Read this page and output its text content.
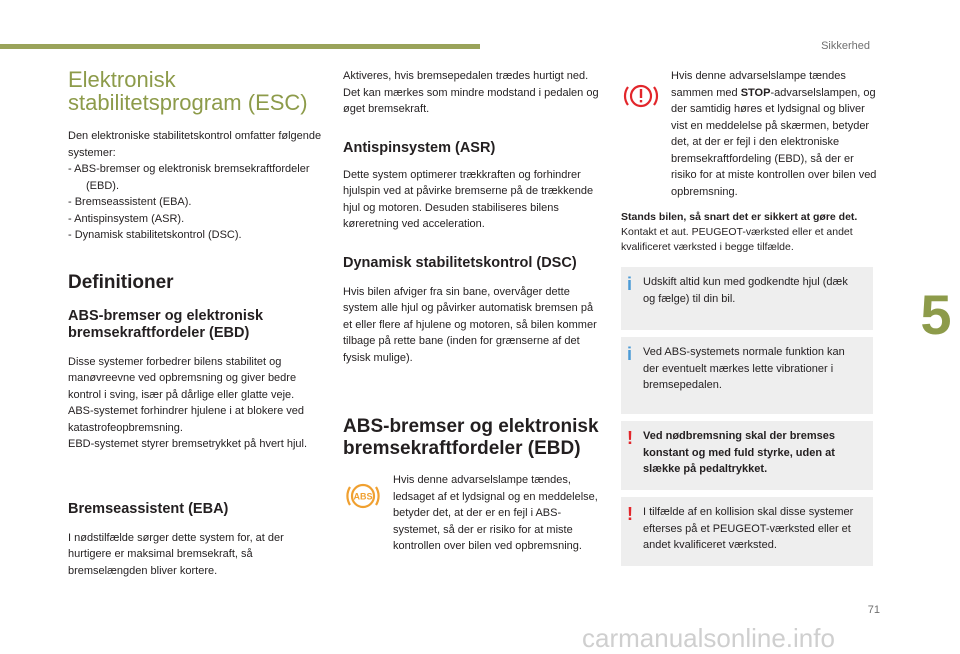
Sikkerhed
5
Elektronisk stabilitetsprogram (ESC)

Den elektroniske stabilitetskontrol omfatter følgende systemer:

- ABS-bremser og elektronisk bremsekraftfordeler (EBD).
- Bremseassistent (EBA).
- Antispinsystem (ASR).
- Dynamisk stabilitetskontrol (DSC).
Definitioner
ABS-bremser og elektronisk bremsekraftfordeler (EBD)

Disse systemer forbedrer bilens stabilitet og manøvreevne ved opbremsning og giver bedre kontrol i sving, især på dårlige eller glatte veje.

ABS-systemet forhindrer hjulene i at blokere ved katastrofeopbremsning.

EBD-systemet styrer bremsetrykket på hvert hjul.

Bremseassistent (EBA)

I nødstilfælde sørger dette system for, at der hurtigere er maksimal bremsekraft, så bremselængden bliver kortere.

Aktiveres, hvis bremsepedalen trædes hurtigt ned. Det kan mærkes som mindre modstand i pedalen og øget bremsekraft.

Antispinsystem (ASR)

Dette system optimerer trækkraften og forhindrer hjulspin ved at påvirke bremserne på de trækkende hjul og motoren. Desuden stabiliseres bilens køreretning ved acceleration.

Dynamisk stabilitetskontrol (DSC)

Hvis bilen afviger fra sin bane, overvåger dette system alle hjul og påvirker automatisk bremsen på et eller flere af hjulene og motoren, så bilen kommer tilbage på rette bane (inden for grænserne af det fysisk mulige).

ABS-bremser og elektronisk bremsekraftfordeler (EBD)
ABS

Hvis denne advarselslampe tændes, ledsaget af et lydsignal og en meddelelse, betyder det, at der er en fejl i ABS-systemet, så der er risiko for at miste kontrollen over bilen ved opbremsning.

Hvis denne advarselslampe tændes sammen med STOP-advarselslampen, og der samtidig høres et lydsignal og bliver vist en meddelelse på skærmen, betyder det, at der er fejl i den elektroniske bremsekraftfordeling (EBD), så der er risiko for at miste kontrollen over bilen ved opbremsning.

Stands bilen, så snart det er sikkert at gøre det.

Kontakt et aut. PEUGEOT-værksted eller et andet kvalificeret værksted i begge tilfælde.

i Udskift altid kun med godkendte hjul (dæk og fælge) til din bil.

i Ved ABS-systemets normale funktion kan der eventuelt mærkes lette vibrationer i bremsepedalen.

! Ved nødbremsning skal der bremses konstant og med fuld styrke, uden at slække på pedaltrykket.

! I tilfælde af en kollision skal disse systemer efterses på et PEUGEOT-værksted eller et andet kvalificeret værksted.

71
carmanualsonline.info
